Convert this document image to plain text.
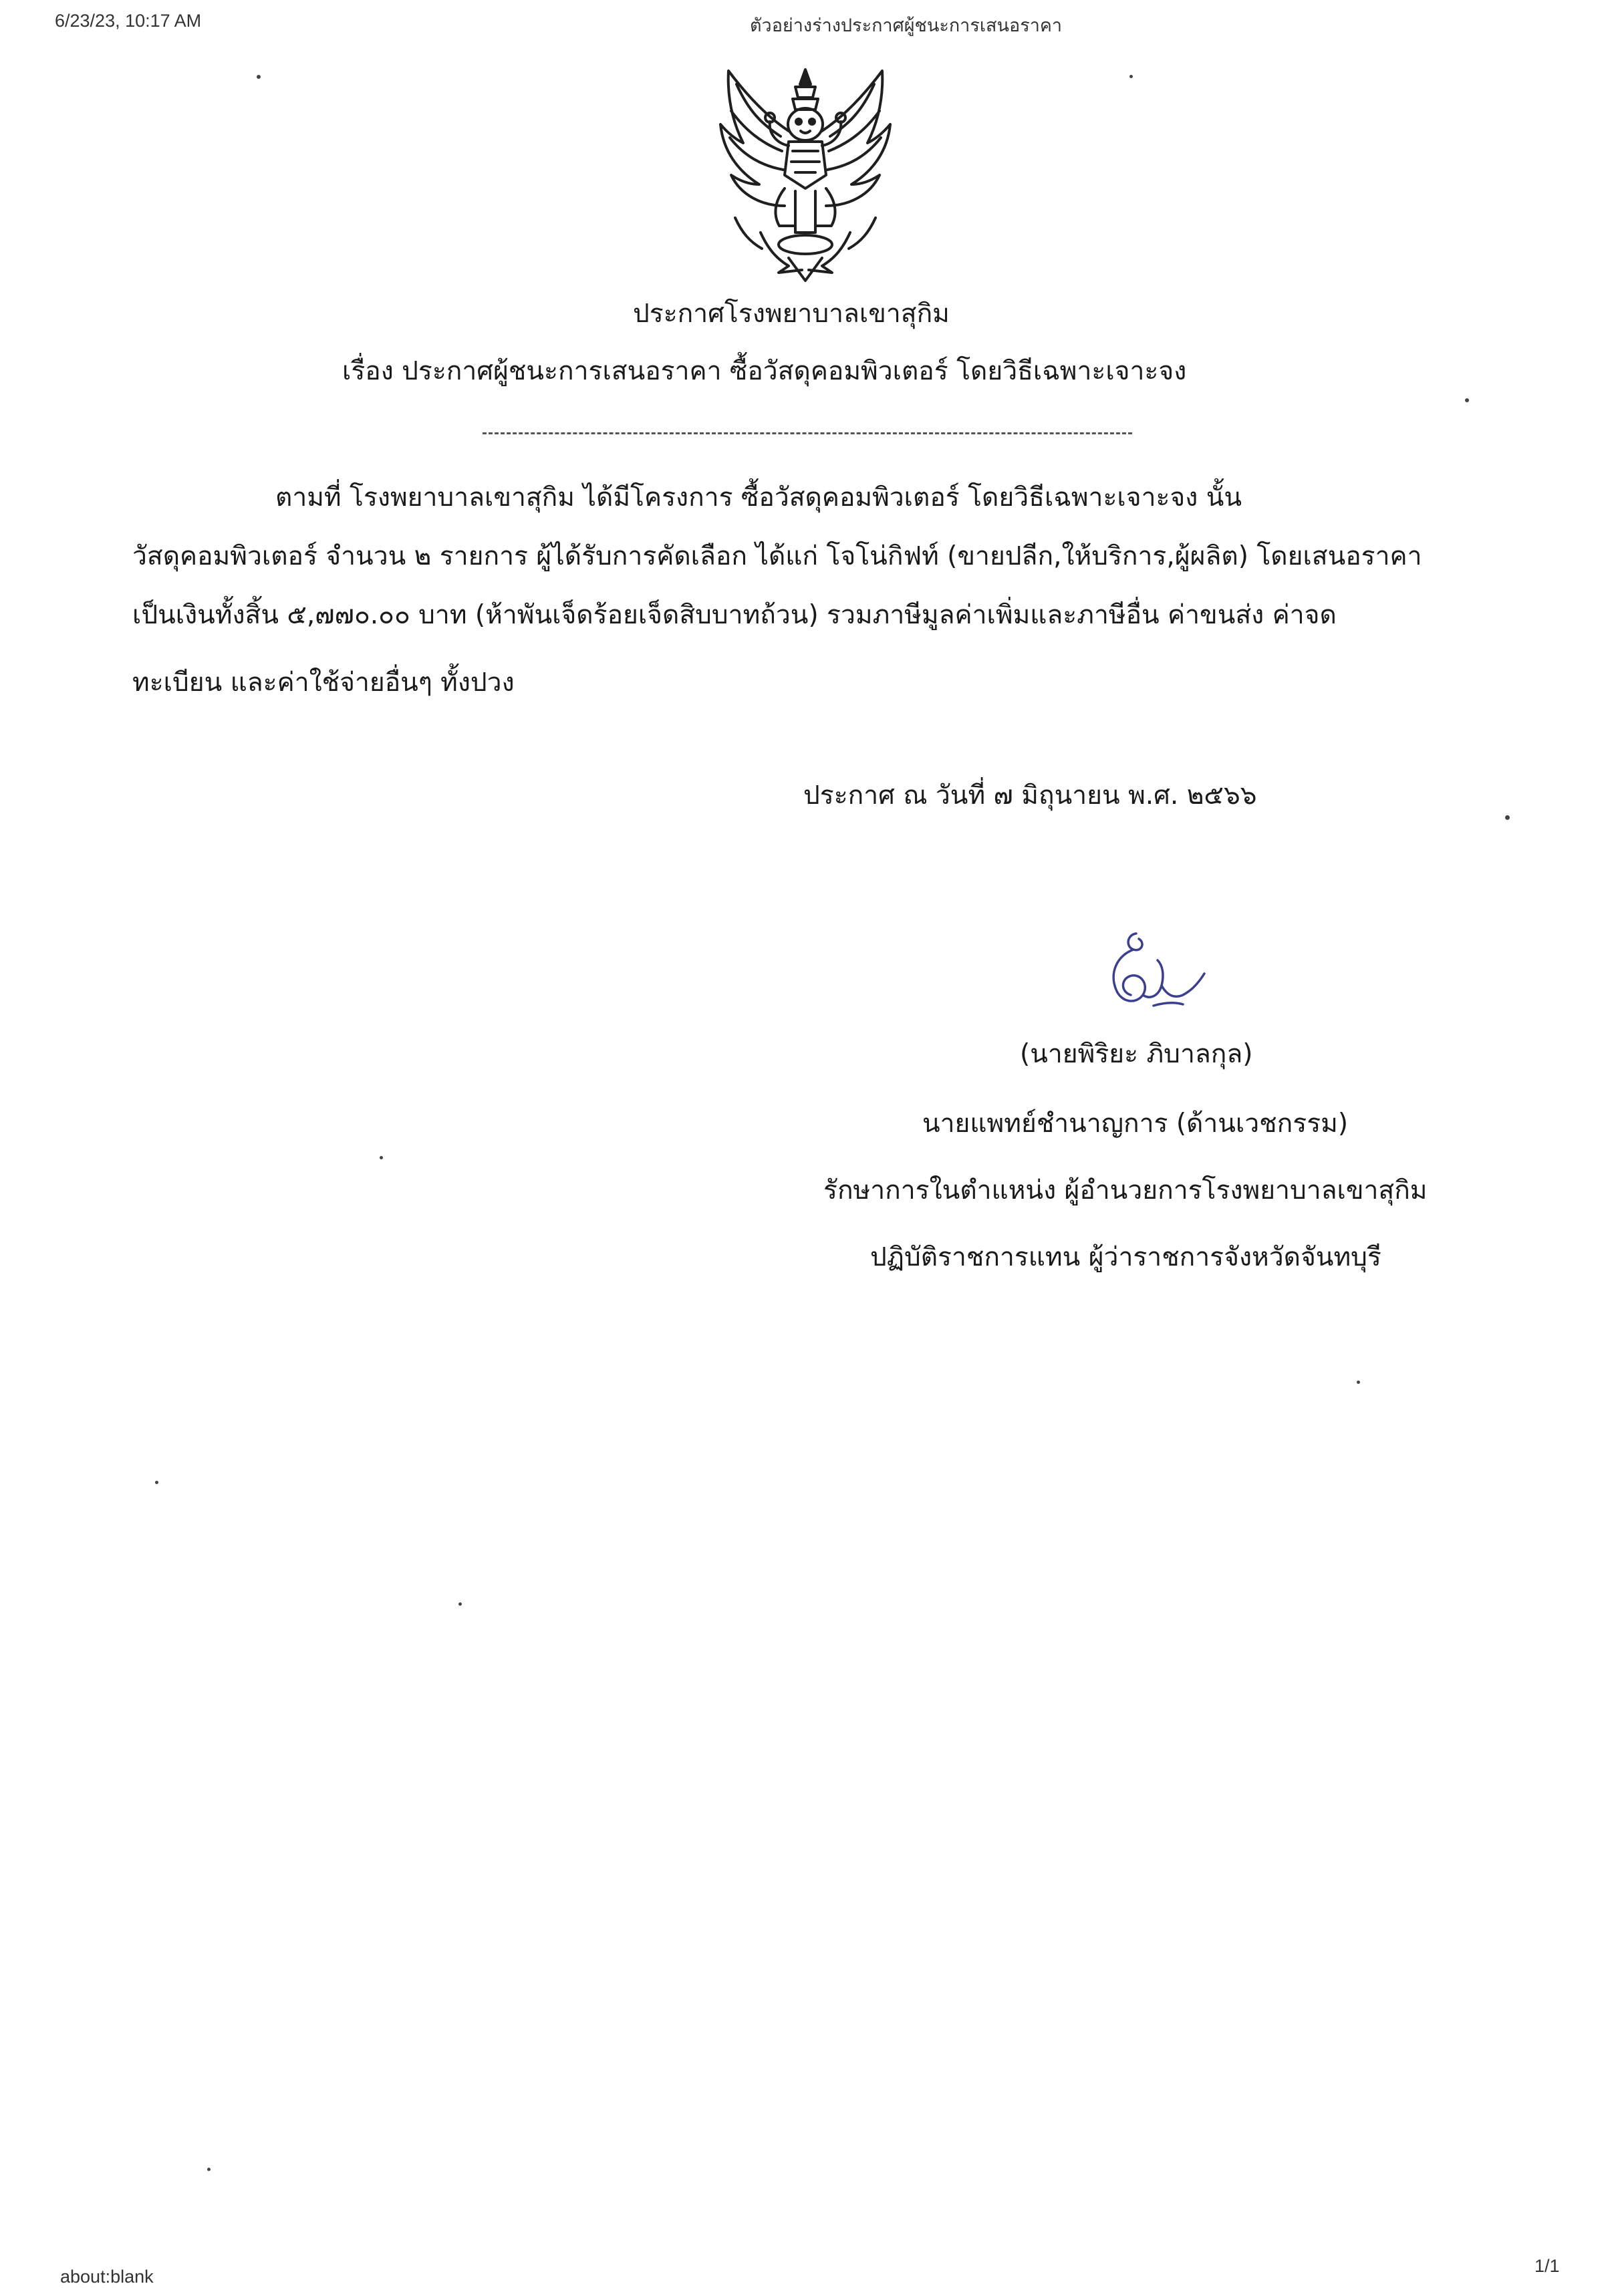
6/23/23, 10:17 AM	ตัวอย่างร่างประกาศผู้ชนะการเสนอราคา
ประกาศโรงพยาบาลเขาสุกิม
เรื่อง ประกาศผู้ชนะการเสนอราคา ซื้อวัสดุคอมพิวเตอร์ โดยวิธีเฉพาะเจาะจง
ตามที่ โรงพยาบาลเขาสุกิม ได้มีโครงการ ซื้อวัสดุคอมพิวเตอร์ โดยวิธีเฉพาะเจาะจง นั้น
วัสดุคอมพิวเตอร์ จำนวน ๒ รายการ ผู้ได้รับการคัดเลือก ได้แก่ โจโน่กิฟท์ (ขายปลีก,ให้บริการ,ผู้ผลิต) โดยเสนอราคา
เป็นเงินทั้งสิ้น ๕,๗๗๐.๐๐ บาท (ห้าพันเจ็ดร้อยเจ็ดสิบบาทถ้วน) รวมภาษีมูลค่าเพิ่มและภาษีอื่น ค่าขนส่ง ค่าจด
ทะเบียน และค่าใช้จ่ายอื่นๆ ทั้งปวง
ประกาศ ณ วันที่ ๗ มิถุนายน พ.ศ. ๒๕๖๖
(นายพิริยะ ภิบาลกุล)
นายแพทย์ชำนาญการ (ด้านเวชกรรม)
รักษาการในตำแหน่ง ผู้อำนวยการโรงพยาบาลเขาสุกิม
ปฏิบัติราชการแทน ผู้ว่าราชการจังหวัดจันทบุรี
about:blank
1/1
